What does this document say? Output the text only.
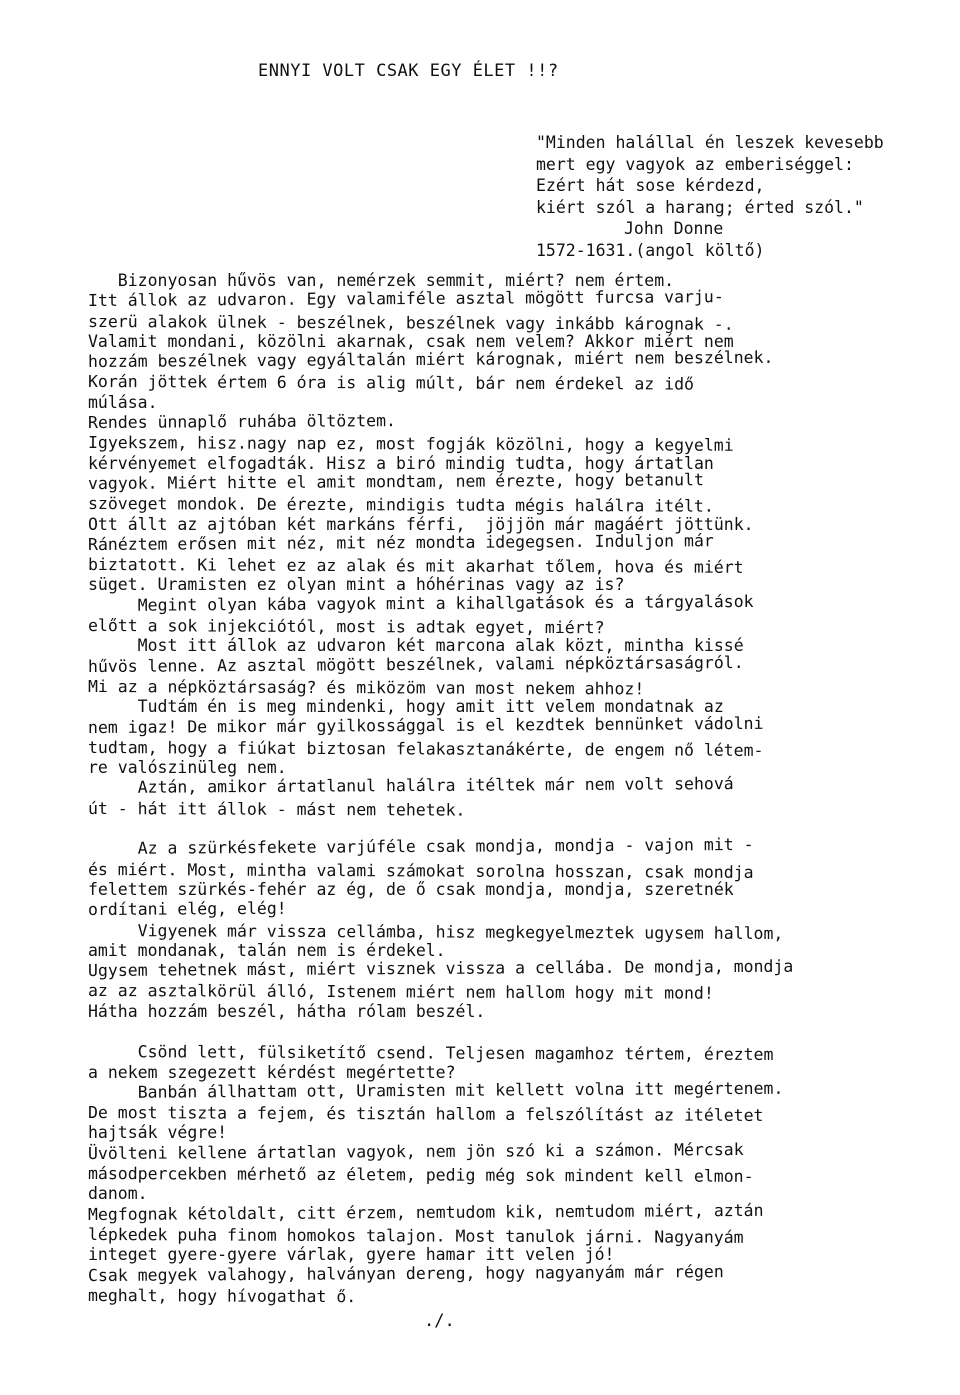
ENNYI VOLT CSAK EGY ÉLET !!?
"Minden halállal én leszek kevesebb
mert egy vagyok az emberiséggel:
Ezért hát sose kérdezd,
kiért szól a harang; érted szól."
John Donne
1572-1631.(angol költő)
Bizonyosan hűvös van, nemérzek semmit, miért? nem értem.
Itt állok az udvaron. Egy valamiféle asztal mögött furcsa varju-
szerü alakok ülnek - beszélnek, beszélnek vagy inkább kárognak -.
Valamit mondani, közölni akarnak, csak nem velem? Akkor miért nem
hozzám beszélnek vagy egyáltalán miért kárognak, miért nem beszélnek.
Korán jöttek értem 6 óra is alig múlt, bár nem érdekel az idő
múlása.
Rendes ünnaplő ruhába öltöztem.
Igyekszem, hisz.nagy nap ez, most fogják közölni, hogy a kegyelmi
kérvényemet elfogadták. Hisz a biró mindig tudta, hogy ártatlan
vagyok. Miért hitte el amit mondtam, nem érezte, hogy betanult
szöveget mondok. De érezte, mindigis tudta mégis halálra itélt.
Ott állt az ajtóban két markáns férfi,  jöjjön már magáért jöttünk.
Ránéztem erősen mit néz, mit néz mondta idegegsen. Induljon már
biztatott. Ki lehet ez az alak és mit akarhat tőlem, hova és miért
süget. Uramisten ez olyan mint a hóhérinas vagy az is?
Megint olyan kába vagyok mint a kihallgatások és a tárgyalások
előtt a sok injekciótól, most is adtak egyet, miért?
Most itt állok az udvaron két marcona alak közt, mintha kissé
hűvös lenne. Az asztal mögött beszélnek, valami népköztársaságról.
Mi az a népköztársaság? és miközöm van most nekem ahhoz!
Tudtám én is meg mindenki, hogy amit itt velem mondatnak az
nem igaz! De mikor már gyilkossággal is el kezdtek bennünket vádolni
tudtam, hogy a fiúkat biztosan felakasztanákérte, de engem nő létem-
re valószinüleg nem.
Aztán, amikor ártatlanul halálra itéltek már nem volt sehová
út - hát itt állok - mást nem tehetek.
Az a szürkésfekete varjúféle csak mondja, mondja - vajon mit -
és miért. Most, mintha valami számokat sorolna hosszan, csak mondja
felettem szürkés-fehér az ég, de ő csak mondja, mondja, szeretnék
ordítani elég, elég!
Vigyenek már vissza cellámba, hisz megkegyelmeztek ugysem hallom,
amit mondanak, talán nem is érdekel.
Ugysem tehetnek mást, miért visznek vissza a cellába. De mondja, mondja
az az asztalkörül álló, Istenem miért nem hallom hogy mit mond!
Hátha hozzám beszél, hátha rólam beszél.
Csönd lett, fülsiketítő csend. Teljesen magamhoz tértem, éreztem
a nekem szegezett kérdést megértette?
Banbán állhattam ott, Uramisten mit kellett volna itt megértenem.
De most tiszta a fejem, és tisztán hallom a felszólítást az itéletet
hajtsák végre!
Üvölteni kellene ártatlan vagyok, nem jön szó ki a számon. Mércsak
másodpercekben mérhető az életem, pedig még sok mindent kell elmon-
danom.
Megfognak kétoldalt, citt érzem, nemtudom kik, nemtudom miért, aztán
lépkedek puha finom homokos talajon. Most tanulok járni. Nagyanyám
integet gyere-gyere várlak, gyere hamar itt velen jó!
Csak megyek valahogy, halványan dereng, hogy nagyanyám már régen
meghalt, hogy hívogathat ő.
./.
